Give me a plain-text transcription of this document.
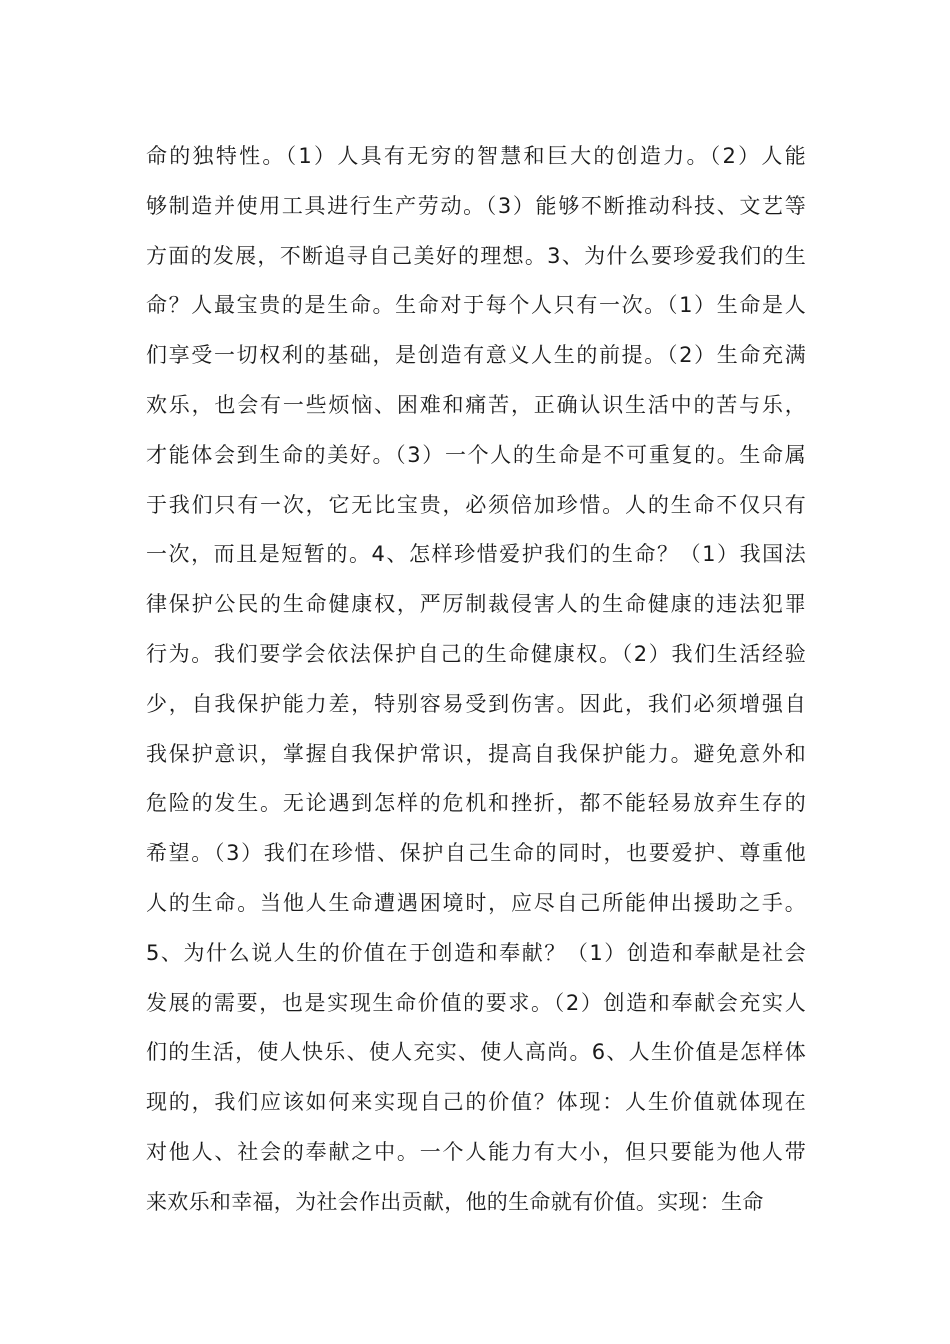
命的独特性。（1）人具有无穷的智慧和巨大的创造力。（2）人能
够制造并使用工具进行生产劳动。（3）能够不断推动科技、文艺等
方面的发展，不断追寻自己美好的理想。3、为什么要珍爱我们的生
命？人最宝贵的是生命。生命对于每个人只有一次。（1）生命是人
们享受一切权利的基础，是创造有意义人生的前提。（2）生命充满
欢乐，也会有一些烦恼、困难和痛苦，正确认识生活中的苦与乐，
才能体会到生命的美好。（3）一个人的生命是不可重复的。生命属
于我们只有一次，它无比宝贵，必须倍加珍惜。人的生命不仅只有
一次，而且是短暂的。4、怎样珍惜爱护我们的生命？（1）我国法
律保护公民的生命健康权，严厉制裁侵害人的生命健康的违法犯罪
行为。我们要学会依法保护自己的生命健康权。（2）我们生活经验
少，自我保护能力差，特别容易受到伤害。因此，我们必须增强自
我保护意识，掌握自我保护常识，提高自我保护能力。避免意外和
危险的发生。无论遇到怎样的危机和挫折，都不能轻易放弃生存的
希望。（3）我们在珍惜、保护自己生命的同时，也要爱护、尊重他
人的生命。当他人生命遭遇困境时，应尽自己所能伸出援助之手。
5、为什么说人生的价值在于创造和奉献？（1）创造和奉献是社会
发展的需要，也是实现生命价值的要求。（2）创造和奉献会充实人
们的生活，使人快乐、使人充实、使人高尚。6、人生价值是怎样体
现的，我们应该如何来实现自己的价值？体现：人生价值就体现在
对他人、社会的奉献之中。一个人能力有大小，但只要能为他人带
来欢乐和幸福，为社会作出贡献，他的生命就有价值。实现：生命
